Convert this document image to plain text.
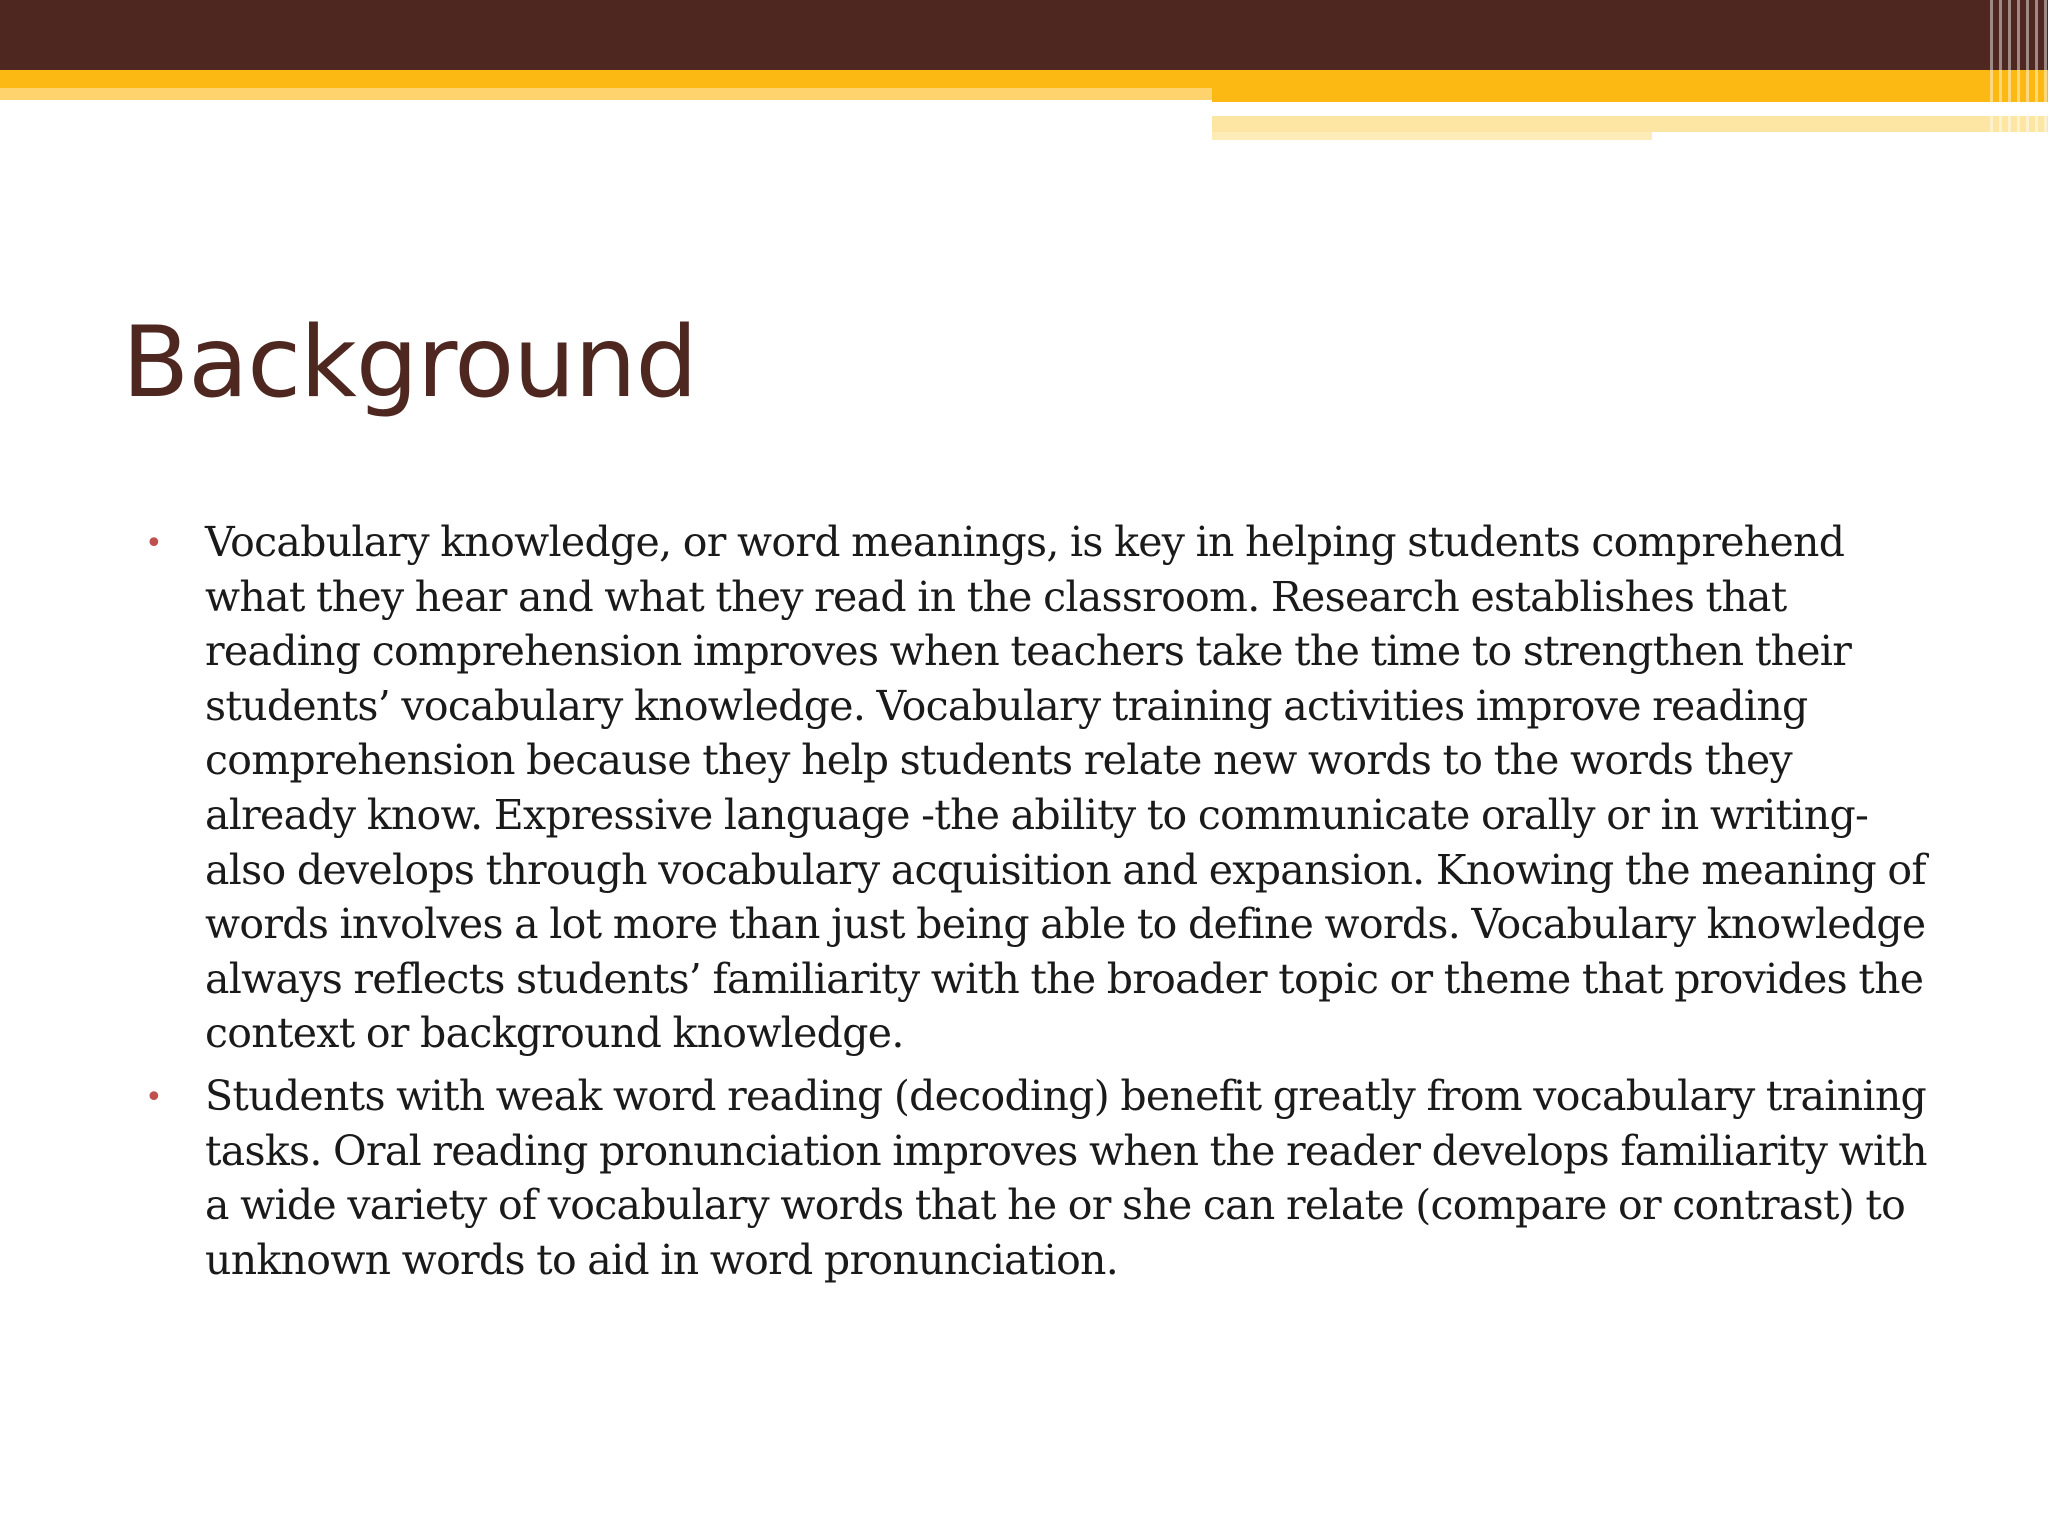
Background
• Vocabulary knowledge, or word meanings, is key in helping students comprehend what they hear and what they read in the classroom. Research establishes that reading comprehension improves when teachers take the time to strengthen their students’ vocabulary knowledge. Vocabulary training activities improve reading comprehension because they help students relate new words to the words they already know. Expressive language -the ability to communicate orally or in writing- also develops through vocabulary acquisition and expansion. Knowing the meaning of words involves a lot more than just being able to define words. Vocabulary knowledge always reflects students’ familiarity with the broader topic or theme that provides the context or background knowledge.
• Students with weak word reading (decoding) benefit greatly from vocabulary training tasks. Oral reading pronunciation improves when the reader develops familiarity with a wide variety of vocabulary words that he or she can relate (compare or contrast) to unknown words to aid in word pronunciation.
